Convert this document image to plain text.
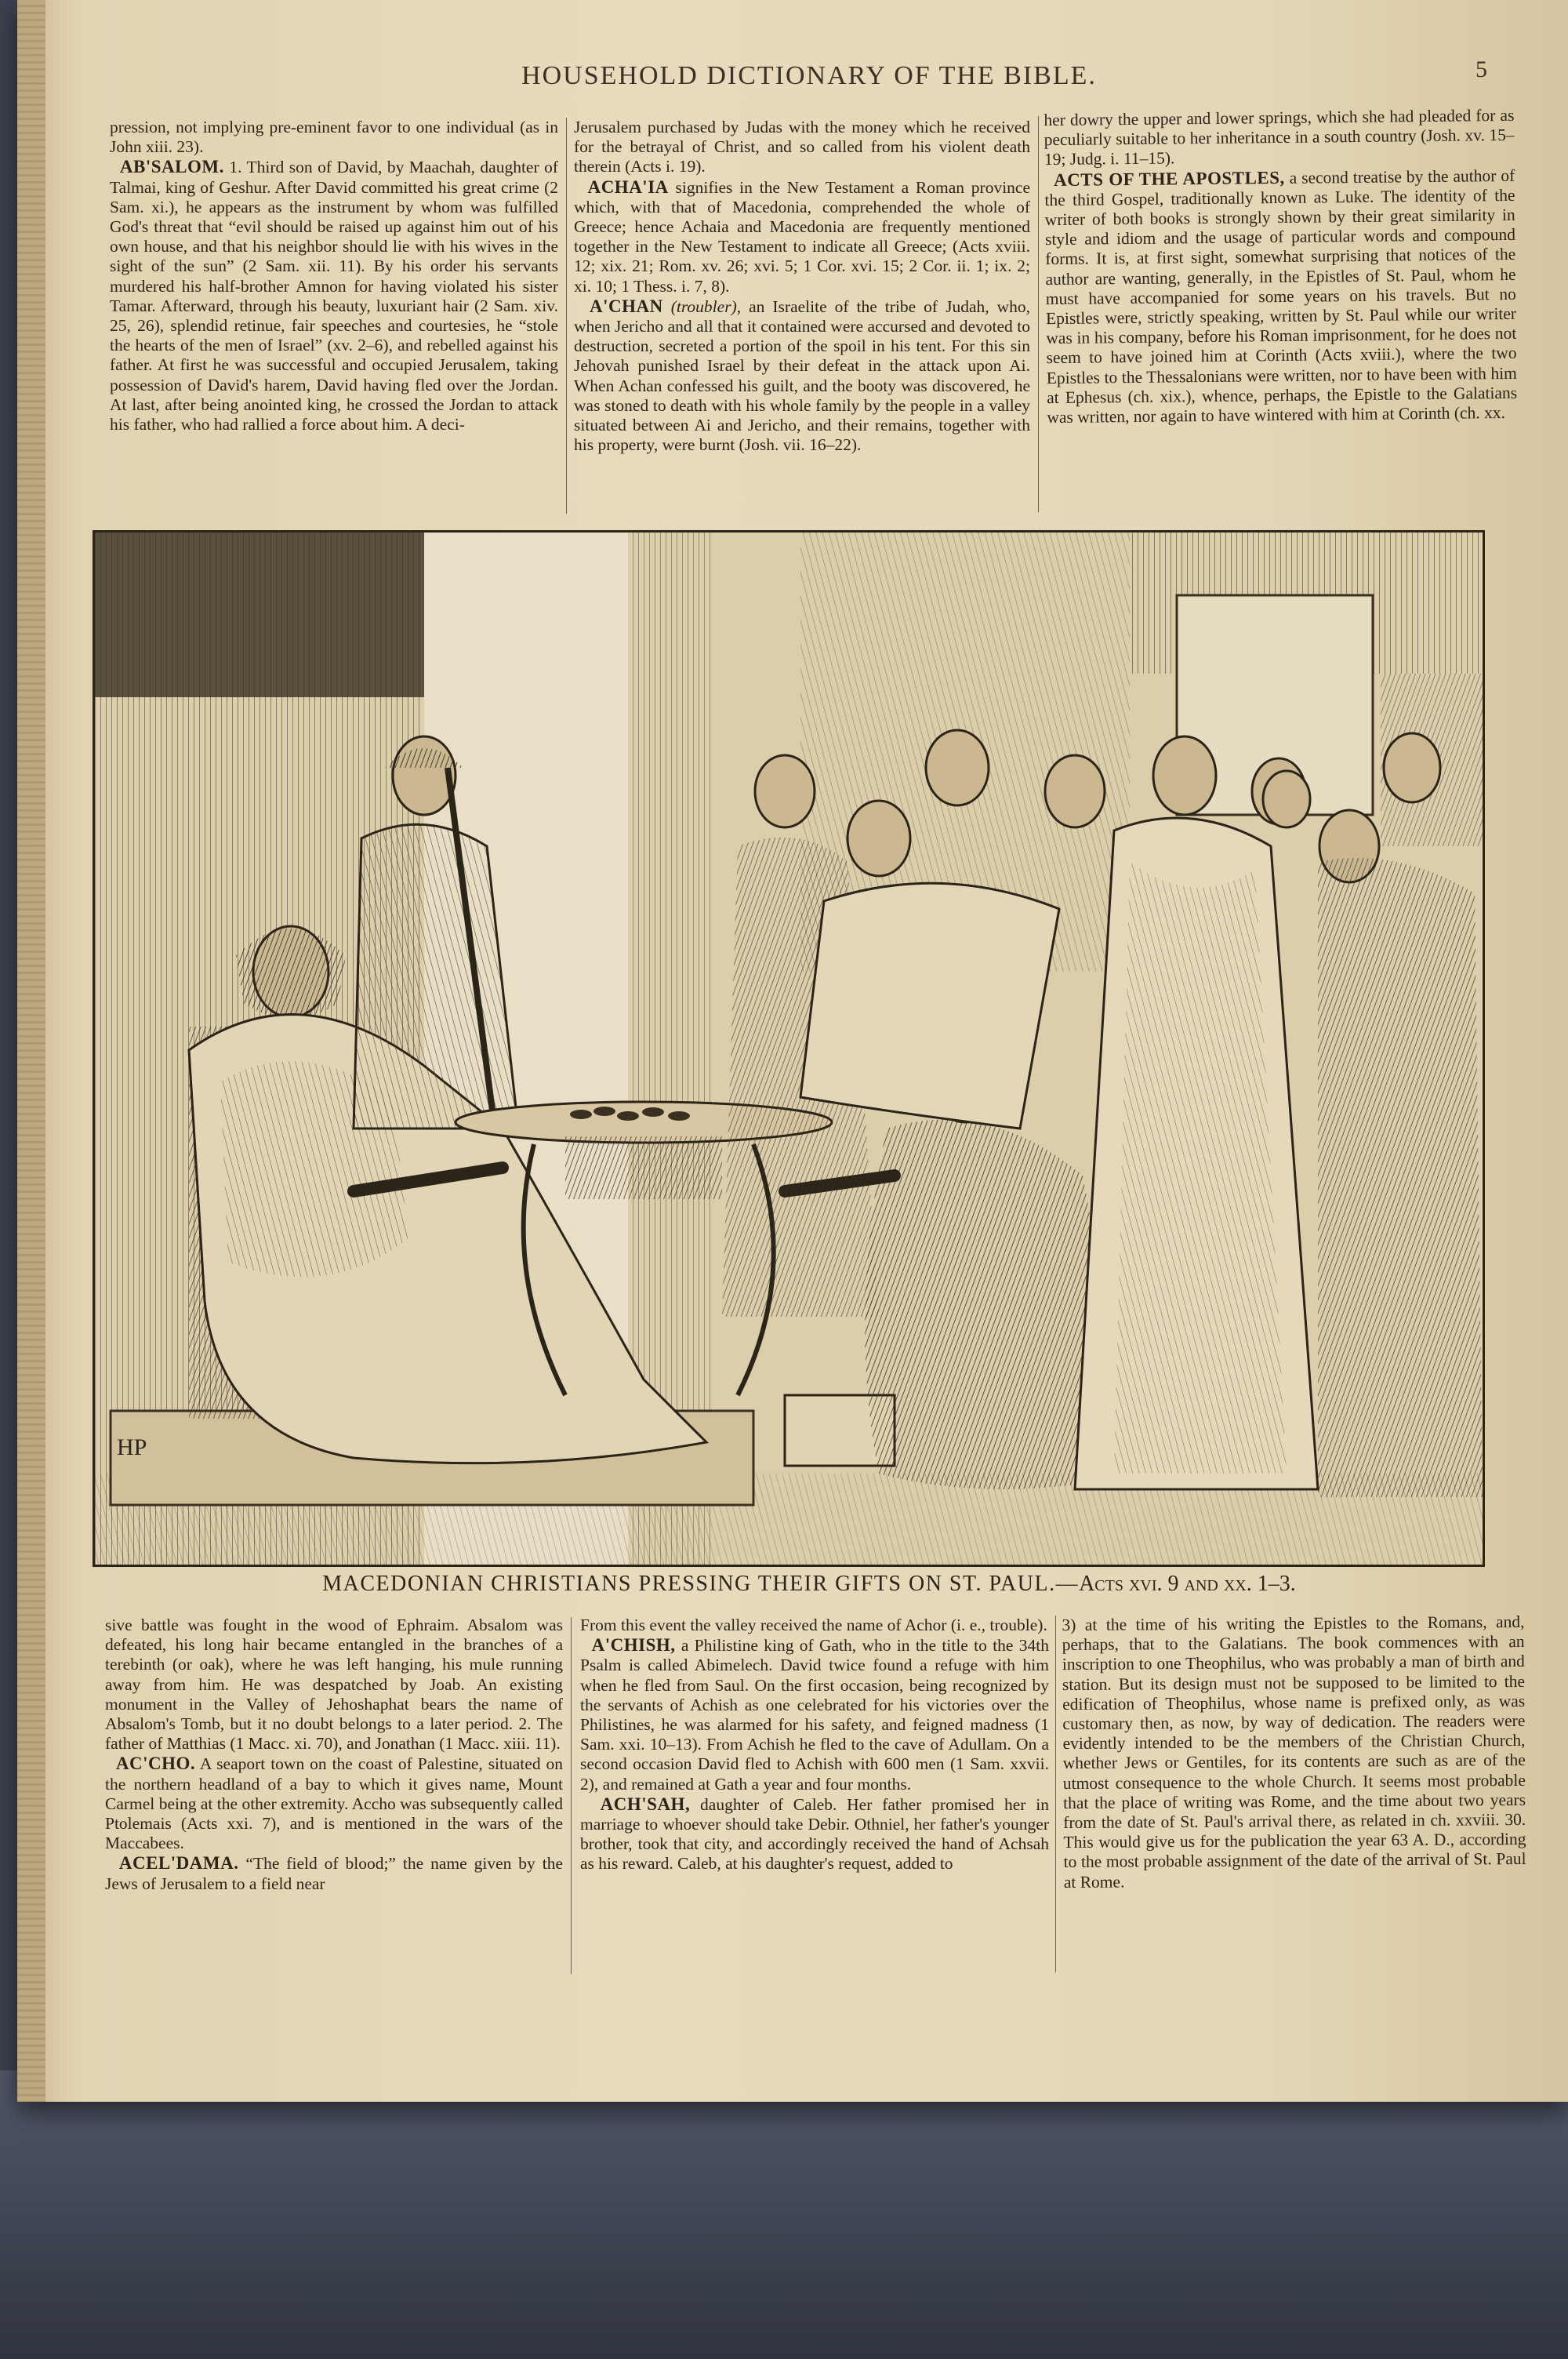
HOUSEHOLD DICTIONARY OF THE BIBLE.	5

pression, not implying pre-eminent favor to one individual (as in John xiii. 23).

AB'SALOM. 1. Third son of David, by Maachah, daughter of Talmai, king of Geshur. After David committed his great crime (2 Sam. xi.), he appears as the instrument by whom was fulfilled God's threat that “evil should be raised up against him out of his own house, and that his neighbor should lie with his wives in the sight of the sun” (2 Sam. xii. 11). By his order his servants murdered his half-brother Amnon for having violated his sister Tamar. Afterward, through his beauty, luxuriant hair (2 Sam. xiv. 25, 26), splendid retinue, fair speeches and courtesies, he “stole the hearts of the men of Israel” (xv. 2–6), and rebelled against his father. At first he was successful and occupied Jerusalem, taking possession of David's harem, David having fled over the Jordan. At last, after being anointed king, he crossed the Jordan to attack his father, who had rallied a force about him. A deci-

Jerusalem purchased by Judas with the money which he received for the betrayal of Christ, and so called from his violent death therein (Acts i. 19).

ACHA'IA signifies in the New Testament a Roman province which, with that of Macedonia, comprehended the whole of Greece; hence Achaia and Macedonia are frequently mentioned together in the New Testament to indicate all Greece; (Acts xviii. 12; xix. 21; Rom. xv. 26; xvi. 5; 1 Cor. xvi. 15; 2 Cor. ii. 1; ix. 2; xi. 10; 1 Thess. i. 7, 8).

A'CHAN (troubler), an Israelite of the tribe of Judah, who, when Jericho and all that it contained were accursed and devoted to destruction, secreted a portion of the spoil in his tent. For this sin Jehovah punished Israel by their defeat in the attack upon Ai. When Achan confessed his guilt, and the booty was discovered, he was stoned to death with his whole family by the people in a valley situated between Ai and Jericho, and their remains, together with his property, were burnt (Josh. vii. 16–22).

her dowry the upper and lower springs, which she had pleaded for as peculiarly suitable to her inheritance in a south country (Josh. xv. 15–19; Judg. i. 11–15).

ACTS OF THE APOSTLES, a second treatise by the author of the third Gospel, traditionally known as Luke. The identity of the writer of both books is strongly shown by their great similarity in style and idiom and the usage of particular words and compound forms. It is, at first sight, somewhat surprising that notices of the author are wanting, generally, in the Epistles of St. Paul, whom he must have accompanied for some years on his travels. But no Epistles were, strictly speaking, written by St. Paul while our writer was in his company, before his Roman imprisonment, for he does not seem to have joined him at Corinth (Acts xviii.), where the two Epistles to the Thessalonians were written, nor to have been with him at Ephesus (ch. xix.), whence, perhaps, the Epistle to the Galatians was written, nor again to have wintered with him at Corinth (ch. xx.

HP
MACEDONIAN CHRISTIANS PRESSING THEIR GIFTS ON ST. PAUL.—Acts xvi. 9 and xx. 1–3.

sive battle was fought in the wood of Ephraim. Absalom was defeated, his long hair became entangled in the branches of a terebinth (or oak), where he was left hanging, his mule running away from him. He was despatched by Joab. An existing monument in the Valley of Jehoshaphat bears the name of Absalom's Tomb, but it no doubt belongs to a later period. 2. The father of Matthias (1 Macc. xi. 70), and Jonathan (1 Macc. xiii. 11).

AC'CHO. A seaport town on the coast of Palestine, situated on the northern headland of a bay to which it gives name, Mount Carmel being at the other extremity. Accho was subsequently called Ptolemais (Acts xxi. 7), and is mentioned in the wars of the Maccabees.

ACEL'DAMA. “The field of blood;” the name given by the Jews of Jerusalem to a field near

From this event the valley received the name of Achor (i. e., trouble).

A'CHISH, a Philistine king of Gath, who in the title to the 34th Psalm is called Abimelech. David twice found a refuge with him when he fled from Saul. On the first occasion, being recognized by the servants of Achish as one celebrated for his victories over the Philistines, he was alarmed for his safety, and feigned madness (1 Sam. xxi. 10–13). From Achish he fled to the cave of Adullam. On a second occasion David fled to Achish with 600 men (1 Sam. xxvii. 2), and remained at Gath a year and four months.

ACH'SAH, daughter of Caleb. Her father promised her in marriage to whoever should take Debir. Othniel, her father's younger brother, took that city, and accordingly received the hand of Achsah as his reward. Caleb, at his daughter's request, added to

3) at the time of his writing the Epistles to the Romans, and, perhaps, that to the Galatians. The book commences with an inscription to one Theophilus, who was probably a man of birth and station. But its design must not be supposed to be limited to the edification of Theophilus, whose name is prefixed only, as was customary then, as now, by way of dedication. The readers were evidently intended to be the members of the Christian Church, whether Jews or Gentiles, for its contents are such as are of the utmost consequence to the whole Church. It seems most probable that the place of writing was Rome, and the time about two years from the date of St. Paul's arrival there, as related in ch. xxviii. 30. This would give us for the publication the year 63 A. D., according to the most probable assignment of the date of the arrival of St. Paul at Rome.
